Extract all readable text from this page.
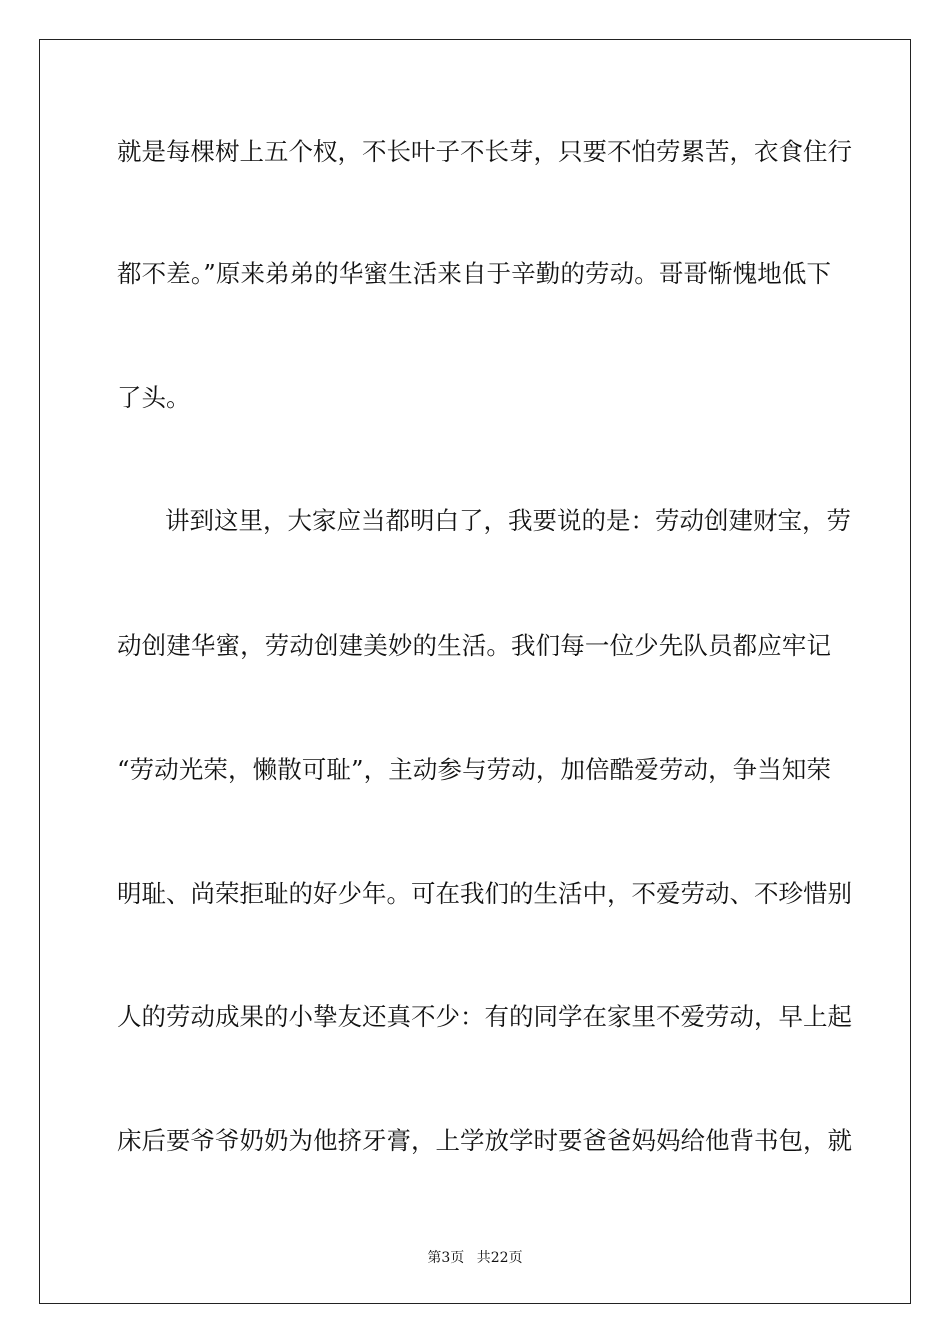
就是每棵树上五个杈，不长叶子不长芽，只要不怕劳累苦，衣食住行
都不差。”原来弟弟的华蜜生活来自于辛勤的劳动。哥哥惭愧地低下
了头。
讲到这里，大家应当都明白了，我要说的是：劳动创建财宝，劳
动创建华蜜，劳动创建美妙的生活。我们每一位少先队员都应牢记
“劳动光荣，懒散可耻”，主动参与劳动，加倍酷爱劳动，争当知荣
明耻、尚荣拒耻的好少年。可在我们的生活中，不爱劳动、不珍惜别
人的劳动成果的小挚友还真不少：有的同学在家里不爱劳动，早上起
床后要爷爷奶奶为他挤牙膏，上学放学时要爸爸妈妈给他背书包，就
第3页 共22页
